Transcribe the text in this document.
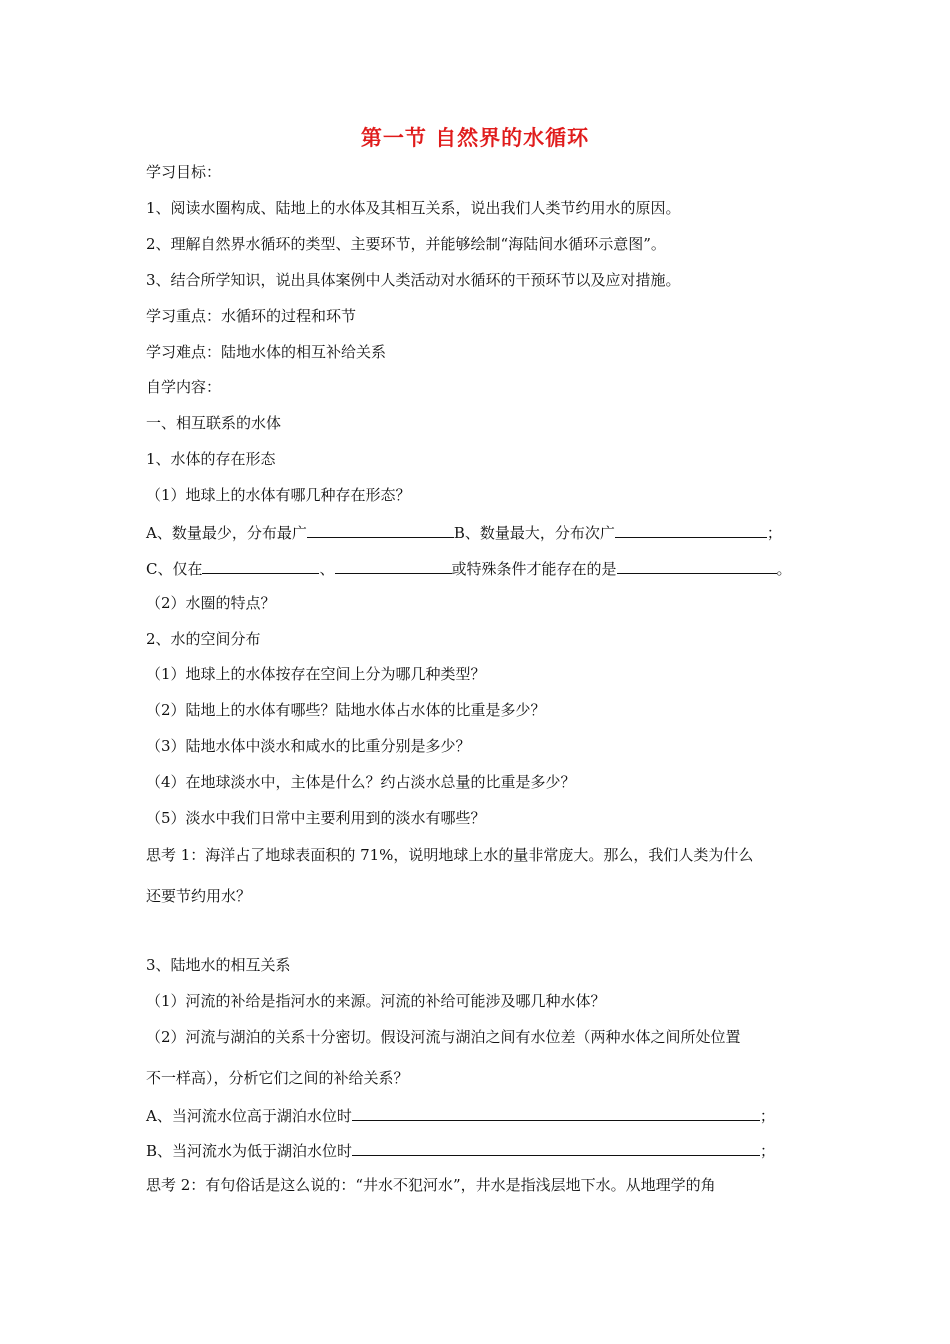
第一节 自然界的水循环
学习目标：
1、阅读水圈构成、陆地上的水体及其相互关系，说出我们人类节约用水的原因。
2、理解自然界水循环的类型、主要环节，并能够绘制“海陆间水循环示意图”。
3、结合所学知识，说出具体案例中人类活动对水循环的干预环节以及应对措施。
学习重点：水循环的过程和环节
学习难点：陆地水体的相互补给关系
自学内容：
一、相互联系的水体
1、水体的存在形态
（1）地球上的水体有哪几种存在形态？
A、数量最少，分布最广	B、数量最大，分布次广	；
C、仅在	、	或特殊条件才能存在的是	。
（2）水圈的特点？
2、水的空间分布
（1）地球上的水体按存在空间上分为哪几种类型？
（2）陆地上的水体有哪些？陆地水体占水体的比重是多少？
（3）陆地水体中淡水和咸水的比重分别是多少？
（4）在地球淡水中，主体是什么？约占淡水总量的比重是多少？
（5）淡水中我们日常中主要利用到的淡水有哪些？
思考 1：海洋占了地球表面积的 71%，说明地球上水的量非常庞大。那么，我们人类为什么
还要节约用水？
3、陆地水的相互关系
（1）河流的补给是指河水的来源。河流的补给可能涉及哪几种水体？
（2）河流与湖泊的关系十分密切。假设河流与湖泊之间有水位差（两种水体之间所处位置
不一样高），分析它们之间的补给关系？
A、当河流水位高于湖泊水位时	；
B、当河流水为低于湖泊水位时	；
思考 2：有句俗话是这么说的：“井水不犯河水”，井水是指浅层地下水。从地理学的角
